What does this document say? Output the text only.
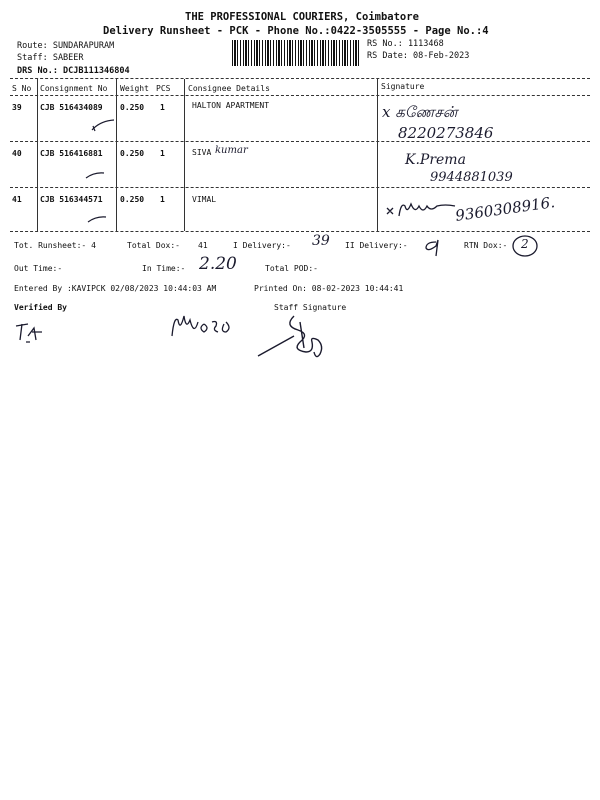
THE PROFESSIONAL COURIERS, Coimbatore
Delivery Runsheet - PCK - Phone No.:0422-3505555 - Page No.:4
Route: SUNDARAPURAM
Staff: SABEER
DRS No.: DCJB111346804
RS No.: 1113468
RS Date: 08-Feb-2023
S No Consignment No Weight PCS Consignee Details	Signature
39 CJB 516434089 0.250 1	HALTON APARTMENT	x கணேசன்
8220273846
40 CJB 516416881 0.250 1	SIVA kumar
K.Prema
9944881039
41 CJB 516344571 0.250 1	VIMAL	9360308916.
Tot. Runsheet:- 4	Total Dox:- 41	I Delivery:- 39 II Delivery:-	RTN Dox:- 2
Out Time:-	In Time:- 2.20	Total POD:-
Entered By :KAVIPCK 02/08/2023 10:44:03 AM	Printed On: 08-02-2023 10:44:41
Verified By	Staff Signature
